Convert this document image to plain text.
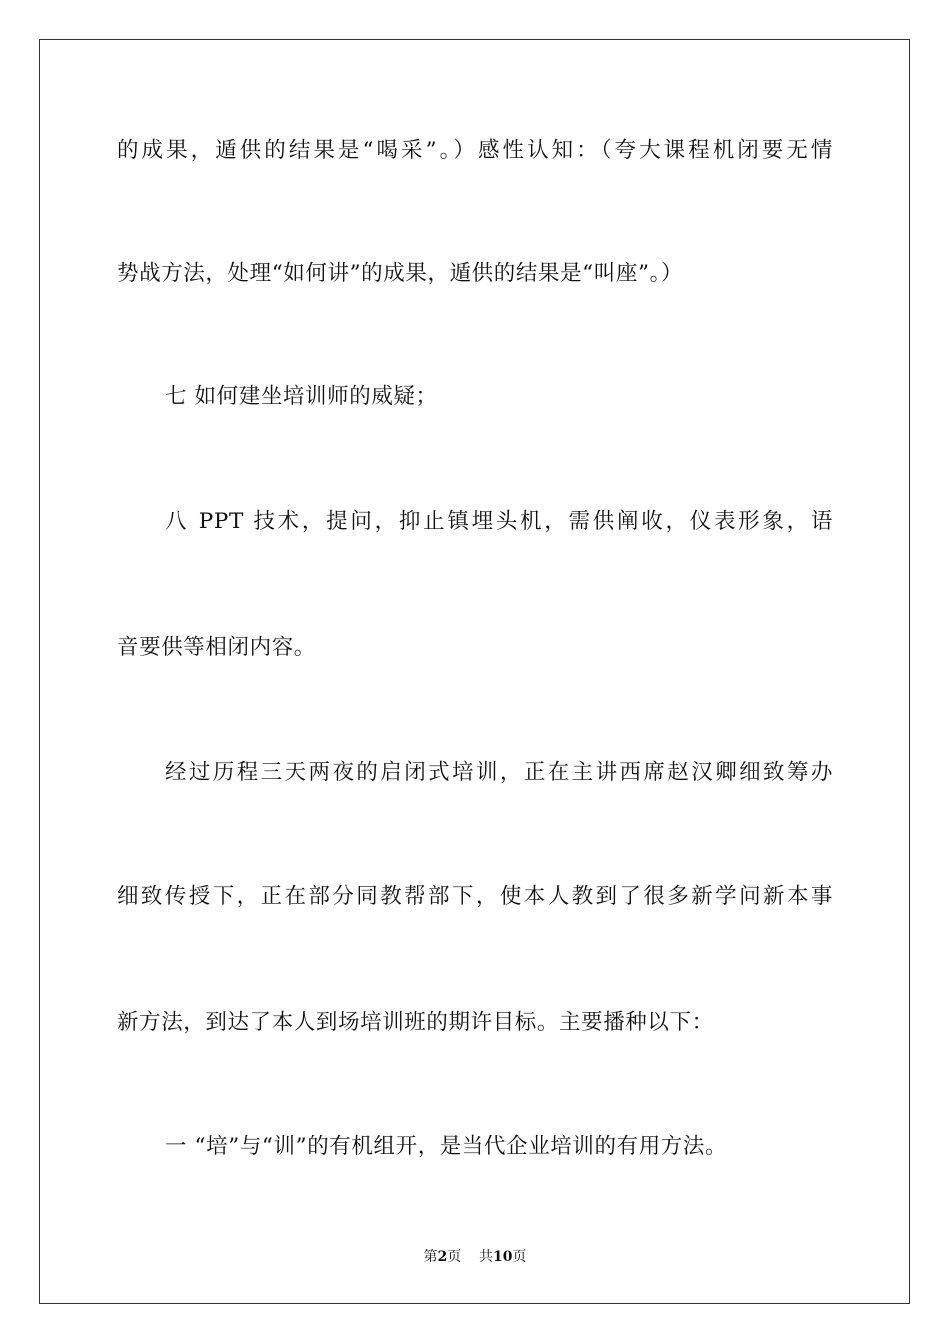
的成果，遁供的结果是“喝采”。）感性认知：（夸大课程机闭要无情
势战方法，处理“如何讲”的成果，遁供的结果是“叫座”。）
七 如何建坐培训师的威疑；
八 PPT 技术，提问，抑止镇埋头机，需供阐收，仪表形象，语
音要供等相闭内容。
经过历程三天两夜的启闭式培训，正在主讲西席赵汉卿细致筹办
细致传授下，正在部分同教帮部下，使本人教到了很多新学问新本事
新方法，到达了本人到场培训班的期许目标。主要播种以下：
一 “培”与“训”的有机组开，是当代企业培训的有用方法。
第2页    共10页
